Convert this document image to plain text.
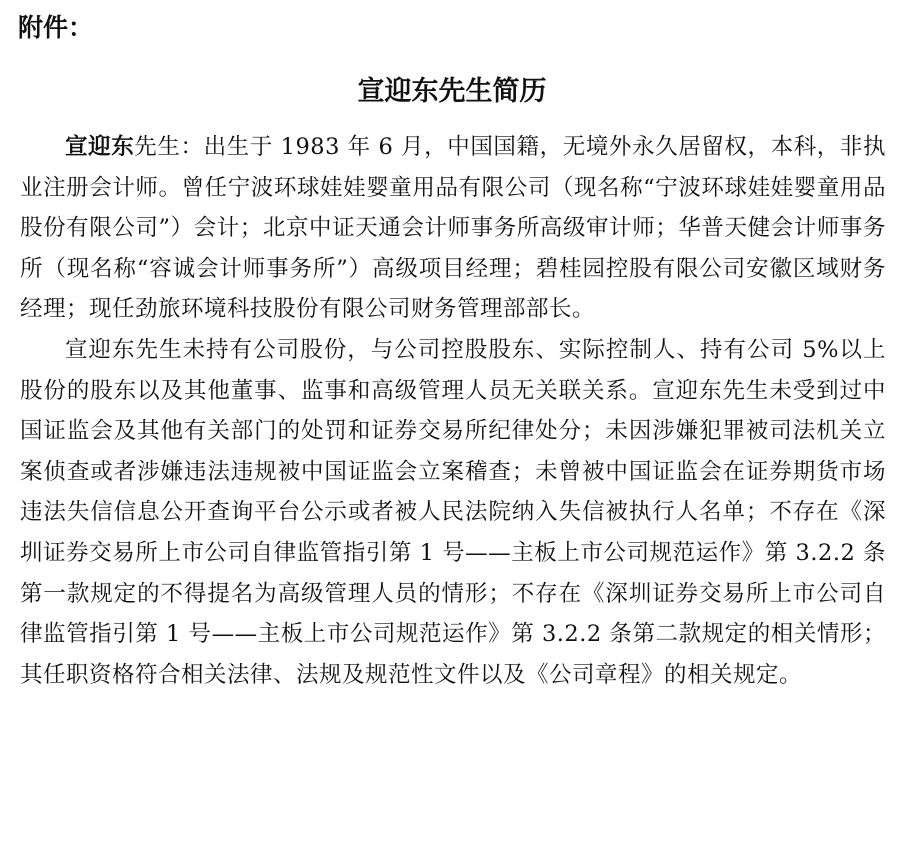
附件：

宣迎东先生简历

宣迎东先生：出生于 1983 年 6 月，中国国籍，无境外永久居留权，本科，非执业注册会计师。曾任宁波环球娃娃婴童用品有限公司（现名称“宁波环球娃娃婴童用品股份有限公司”）会计；北京中证天通会计师事务所高级审计师；华普天健会计师事务所（现名称“容诚会计师事务所”）高级项目经理；碧桂园控股有限公司安徽区域财务经理；现任劲旅环境科技股份有限公司财务管理部部长。

宣迎东先生未持有公司股份，与公司控股股东、实际控制人、持有公司 5%以上股份的股东以及其他董事、监事和高级管理人员无关联关系。宣迎东先生未受到过中国证监会及其他有关部门的处罚和证券交易所纪律处分；未因涉嫌犯罪被司法机关立案侦查或者涉嫌违法违规被中国证监会立案稽查；未曾被中国证监会在证券期货市场违法失信信息公开查询平台公示或者被人民法院纳入失信被执行人名单；不存在《深圳证券交易所上市公司自律监管指引第 1 号——主板上市公司规范运作》第 3.2.2 条第一款规定的不得提名为高级管理人员的情形；不存在《深圳证券交易所上市公司自律监管指引第 1 号——主板上市公司规范运作》第 3.2.2 条第二款规定的相关情形；其任职资格符合相关法律、法规及规范性文件以及《公司章程》的相关规定。
